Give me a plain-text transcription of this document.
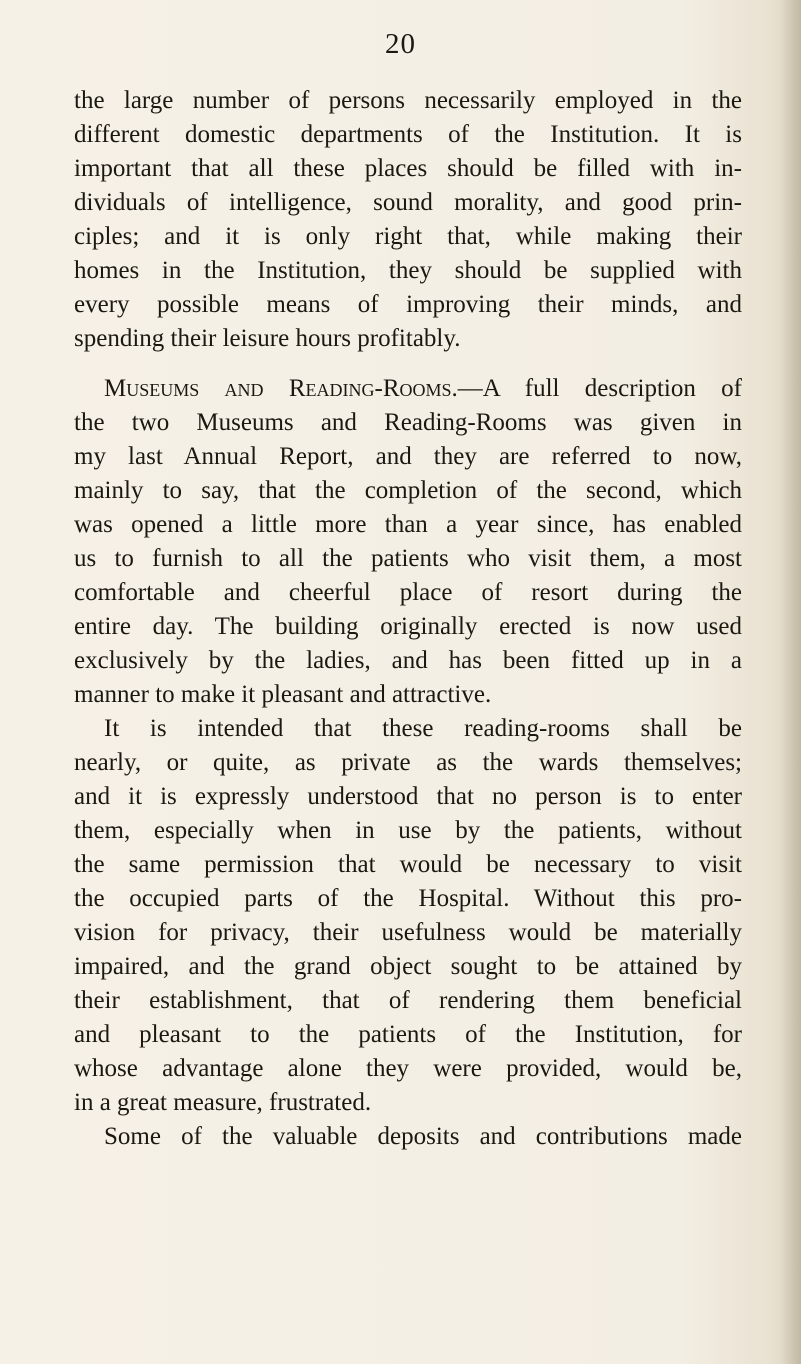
20
the large number of persons necessarily employed in the
different domestic departments of the Institution. It is
important that all these places should be filled with in-
dividuals of intelligence, sound morality, and good prin-
ciples; and it is only right that, while making their
homes in the Institution, they should be supplied with
every possible means of improving their minds, and
spending their leisure hours profitably.
Museums and Reading-Rooms.—A full description of
the two Museums and Reading-Rooms was given in
my last Annual Report, and they are referred to now,
mainly to say, that the completion of the second, which
was opened a little more than a year since, has enabled
us to furnish to all the patients who visit them, a most
comfortable and cheerful place of resort during the
entire day. The building originally erected is now used
exclusively by the ladies, and has been fitted up in a
manner to make it pleasant and attractive.
It is intended that these reading-rooms shall be
nearly, or quite, as private as the wards themselves;
and it is expressly understood that no person is to enter
them, especially when in use by the patients, without
the same permission that would be necessary to visit
the occupied parts of the Hospital. Without this pro-
vision for privacy, their usefulness would be materially
impaired, and the grand object sought to be attained by
their establishment, that of rendering them beneficial
and pleasant to the patients of the Institution, for
whose advantage alone they were provided, would be,
in a great measure, frustrated.
Some of the valuable deposits and contributions made
